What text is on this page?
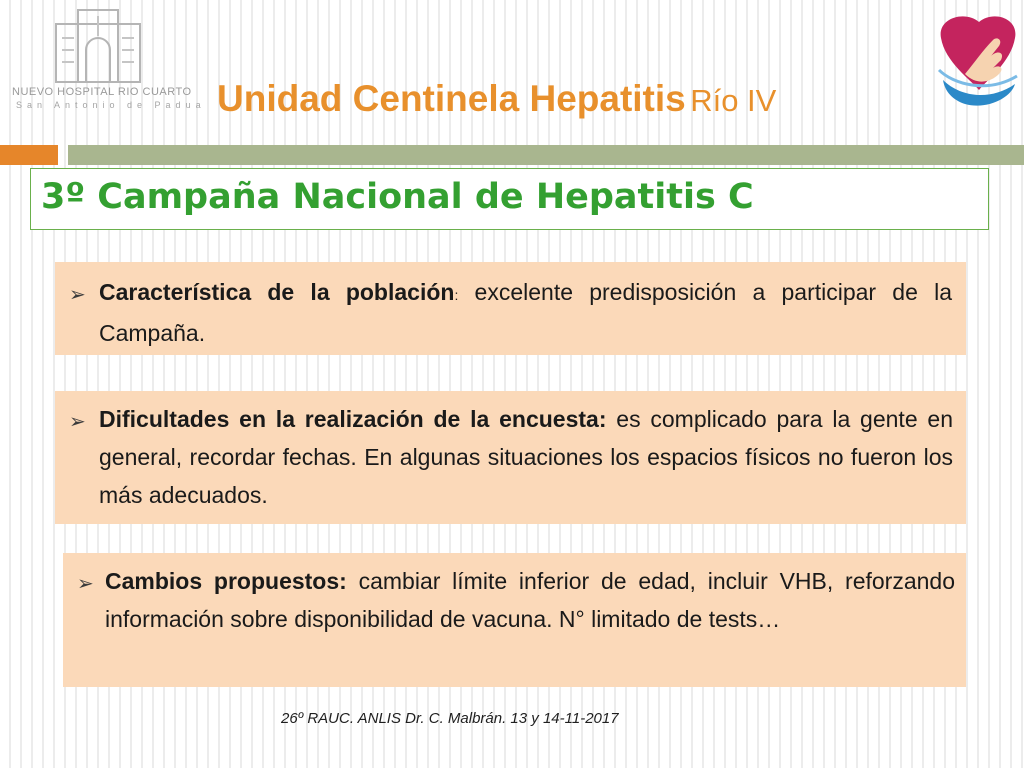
NUEVO HOSPITAL RIO CUARTO
San Antonio de Padua Unidad Centinela Hepatitis Río IV
3º Campaña Nacional de Hepatitis C
➢ Característica de la población: excelente predisposición a participar de la Campaña.
➢ Dificultades en la realización de la encuesta: es complicado para la gente en general, recordar fechas. En algunas situaciones los espacios físicos no fueron los más adecuados.
➢ Cambios propuestos: cambiar límite inferior de edad, incluir VHB, reforzando información sobre disponibilidad de vacuna. N° limitado de tests…
26º RAUC. ANLIS Dr. C. Malbrán. 13 y 14-11-2017
